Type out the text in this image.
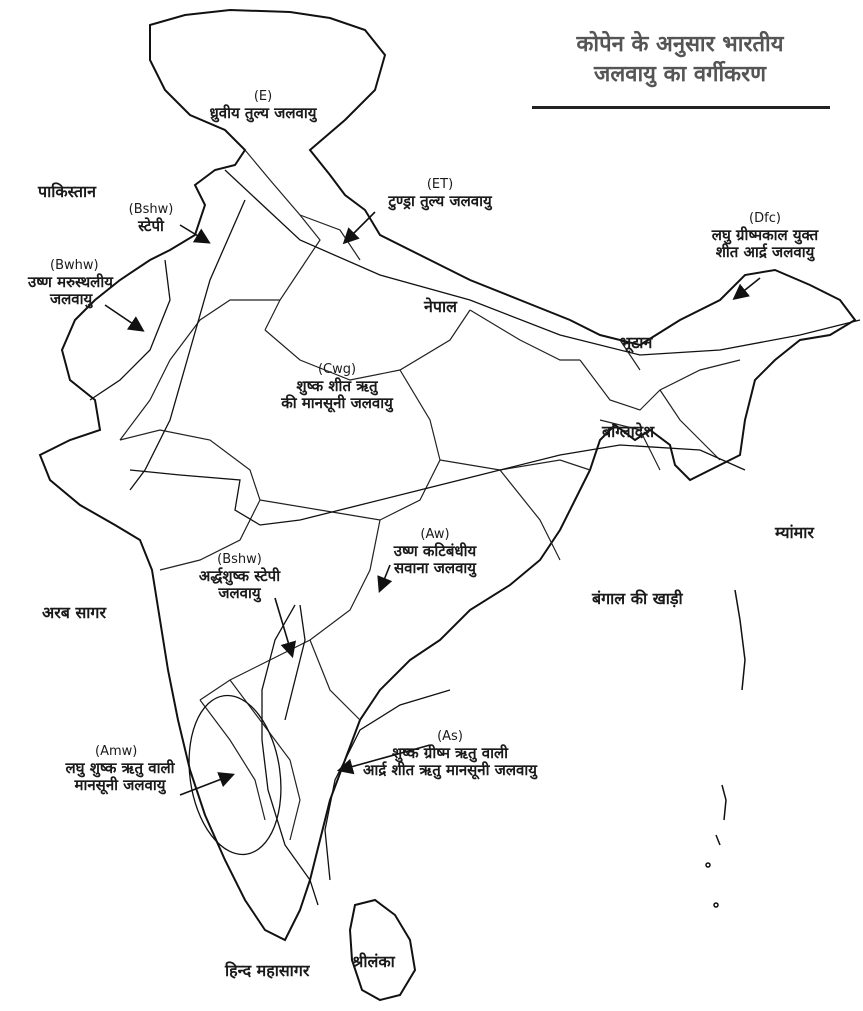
कोपेन के अनुसार भारतीय
जलवायु का वर्गीकरण
(E)
ध्रुवीय तुल्य जलवायु
(ET)
टुण्ड्रा तुल्य जलवायु
(Dfc)
लघु ग्रीष्मकाल युक्त
शीत आर्द्र जलवायु
(Bshw)
स्टेपी
(Bwhw)
उष्ण मरुस्थलीय
जलवायु
(Cwg)
शुष्क शीत ऋतु
की मानसूनी जलवायु
(Aw)
उष्ण कटिबंधीय
सवाना जलवायु
(Bshw)
अर्द्धशुष्क स्टेपी
जलवायु
(Amw)
लघु शुष्क ऋतु वाली
मानसूनी जलवायु
(As)
शुष्क ग्रीष्म ऋतु वाली
आर्द्र शीत ऋतु मानसूनी जलवायु
पाकिस्तान
नेपाल
भूटान
बांग्लादेश
म्यांमार
श्रीलंका
अरब सागर
बंगाल की खाड़ी
हिन्द महासागर
